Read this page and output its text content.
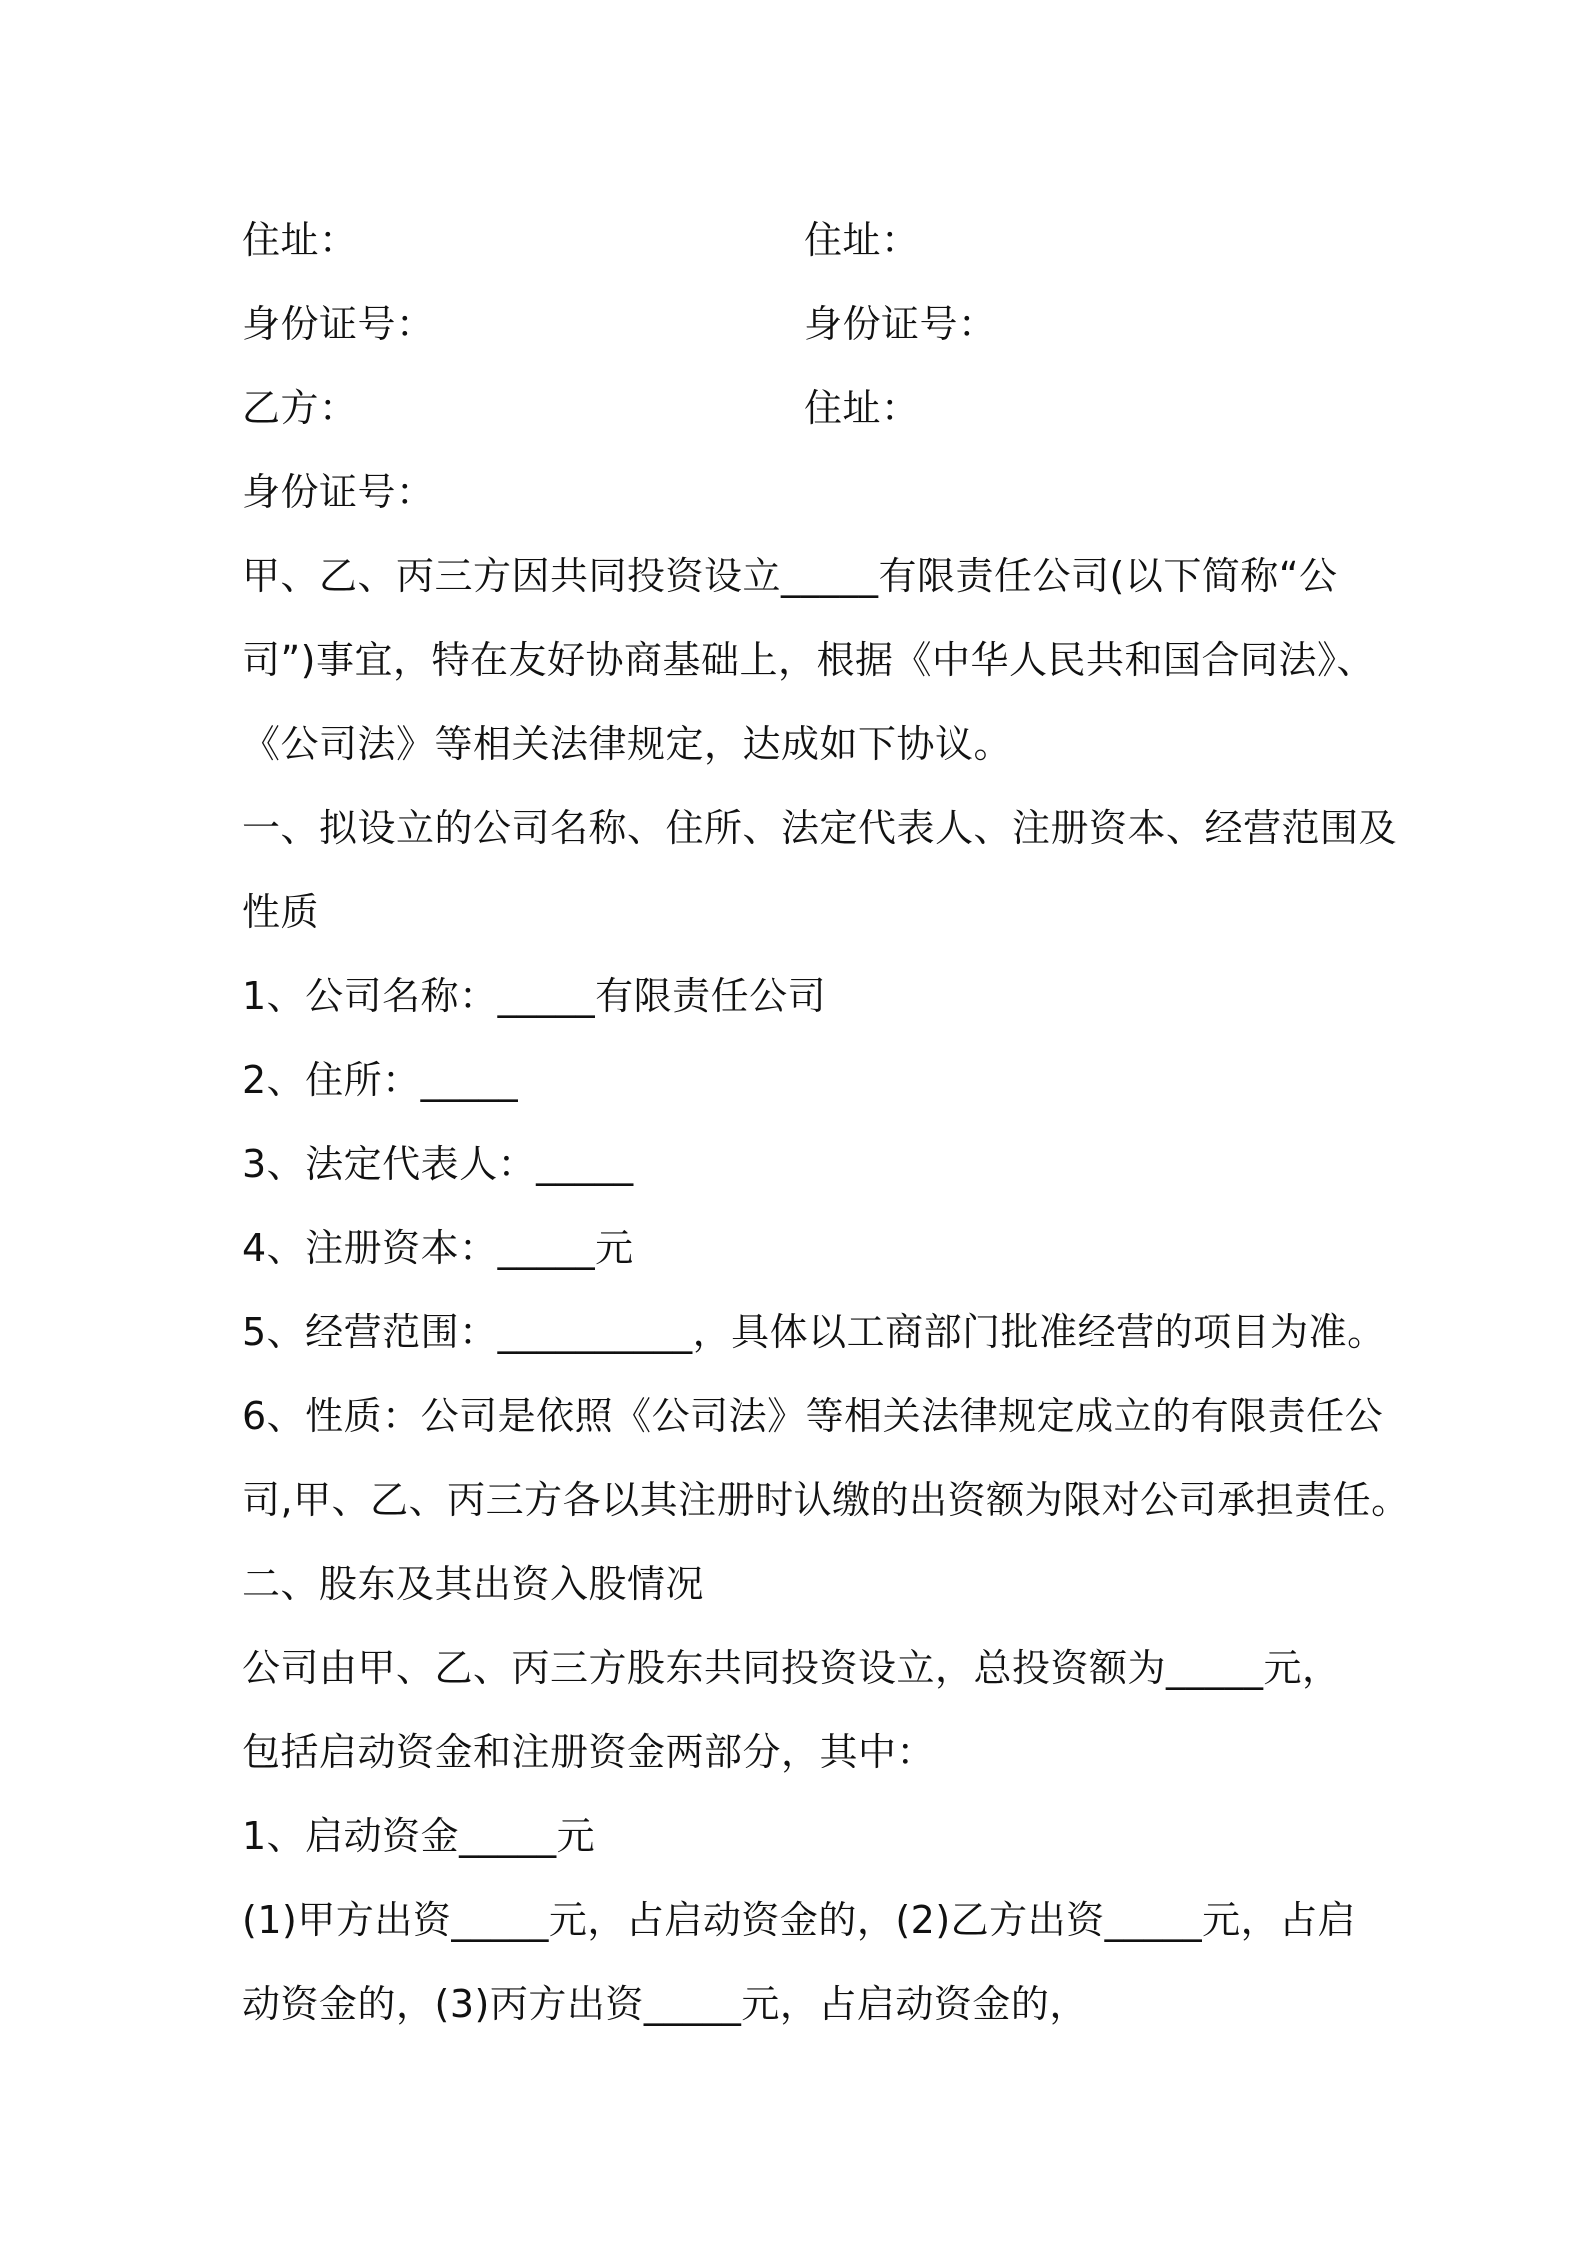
住址：	住址：
身份证号：	身份证号：
乙方：	住址：
身份证号：
甲、乙、丙三方因共同投资设立_____有限责任公司(以下简称“公
司”)事宜，特在友好协商基础上，根据《中华人民共和国合同法》、
《公司法》等相关法律规定，达成如下协议。
一、拟设立的公司名称、住所、法定代表人、注册资本、经营范围及
性质
1、公司名称：_____有限责任公司
2、住所：_____
3、法定代表人：_____
4、注册资本：_____元
5、经营范围：__________，具体以工商部门批准经营的项目为准。
6、性质：公司是依照《公司法》等相关法律规定成立的有限责任公
司,甲、乙、丙三方各以其注册时认缴的出资额为限对公司承担责任。
二、股东及其出资入股情况
公司由甲、乙、丙三方股东共同投资设立，总投资额为_____元，
包括启动资金和注册资金两部分，其中：
1、启动资金_____元
(1)甲方出资_____元，占启动资金的，(2)乙方出资_____元，占启
动资金的，(3)丙方出资_____元，占启动资金的，
